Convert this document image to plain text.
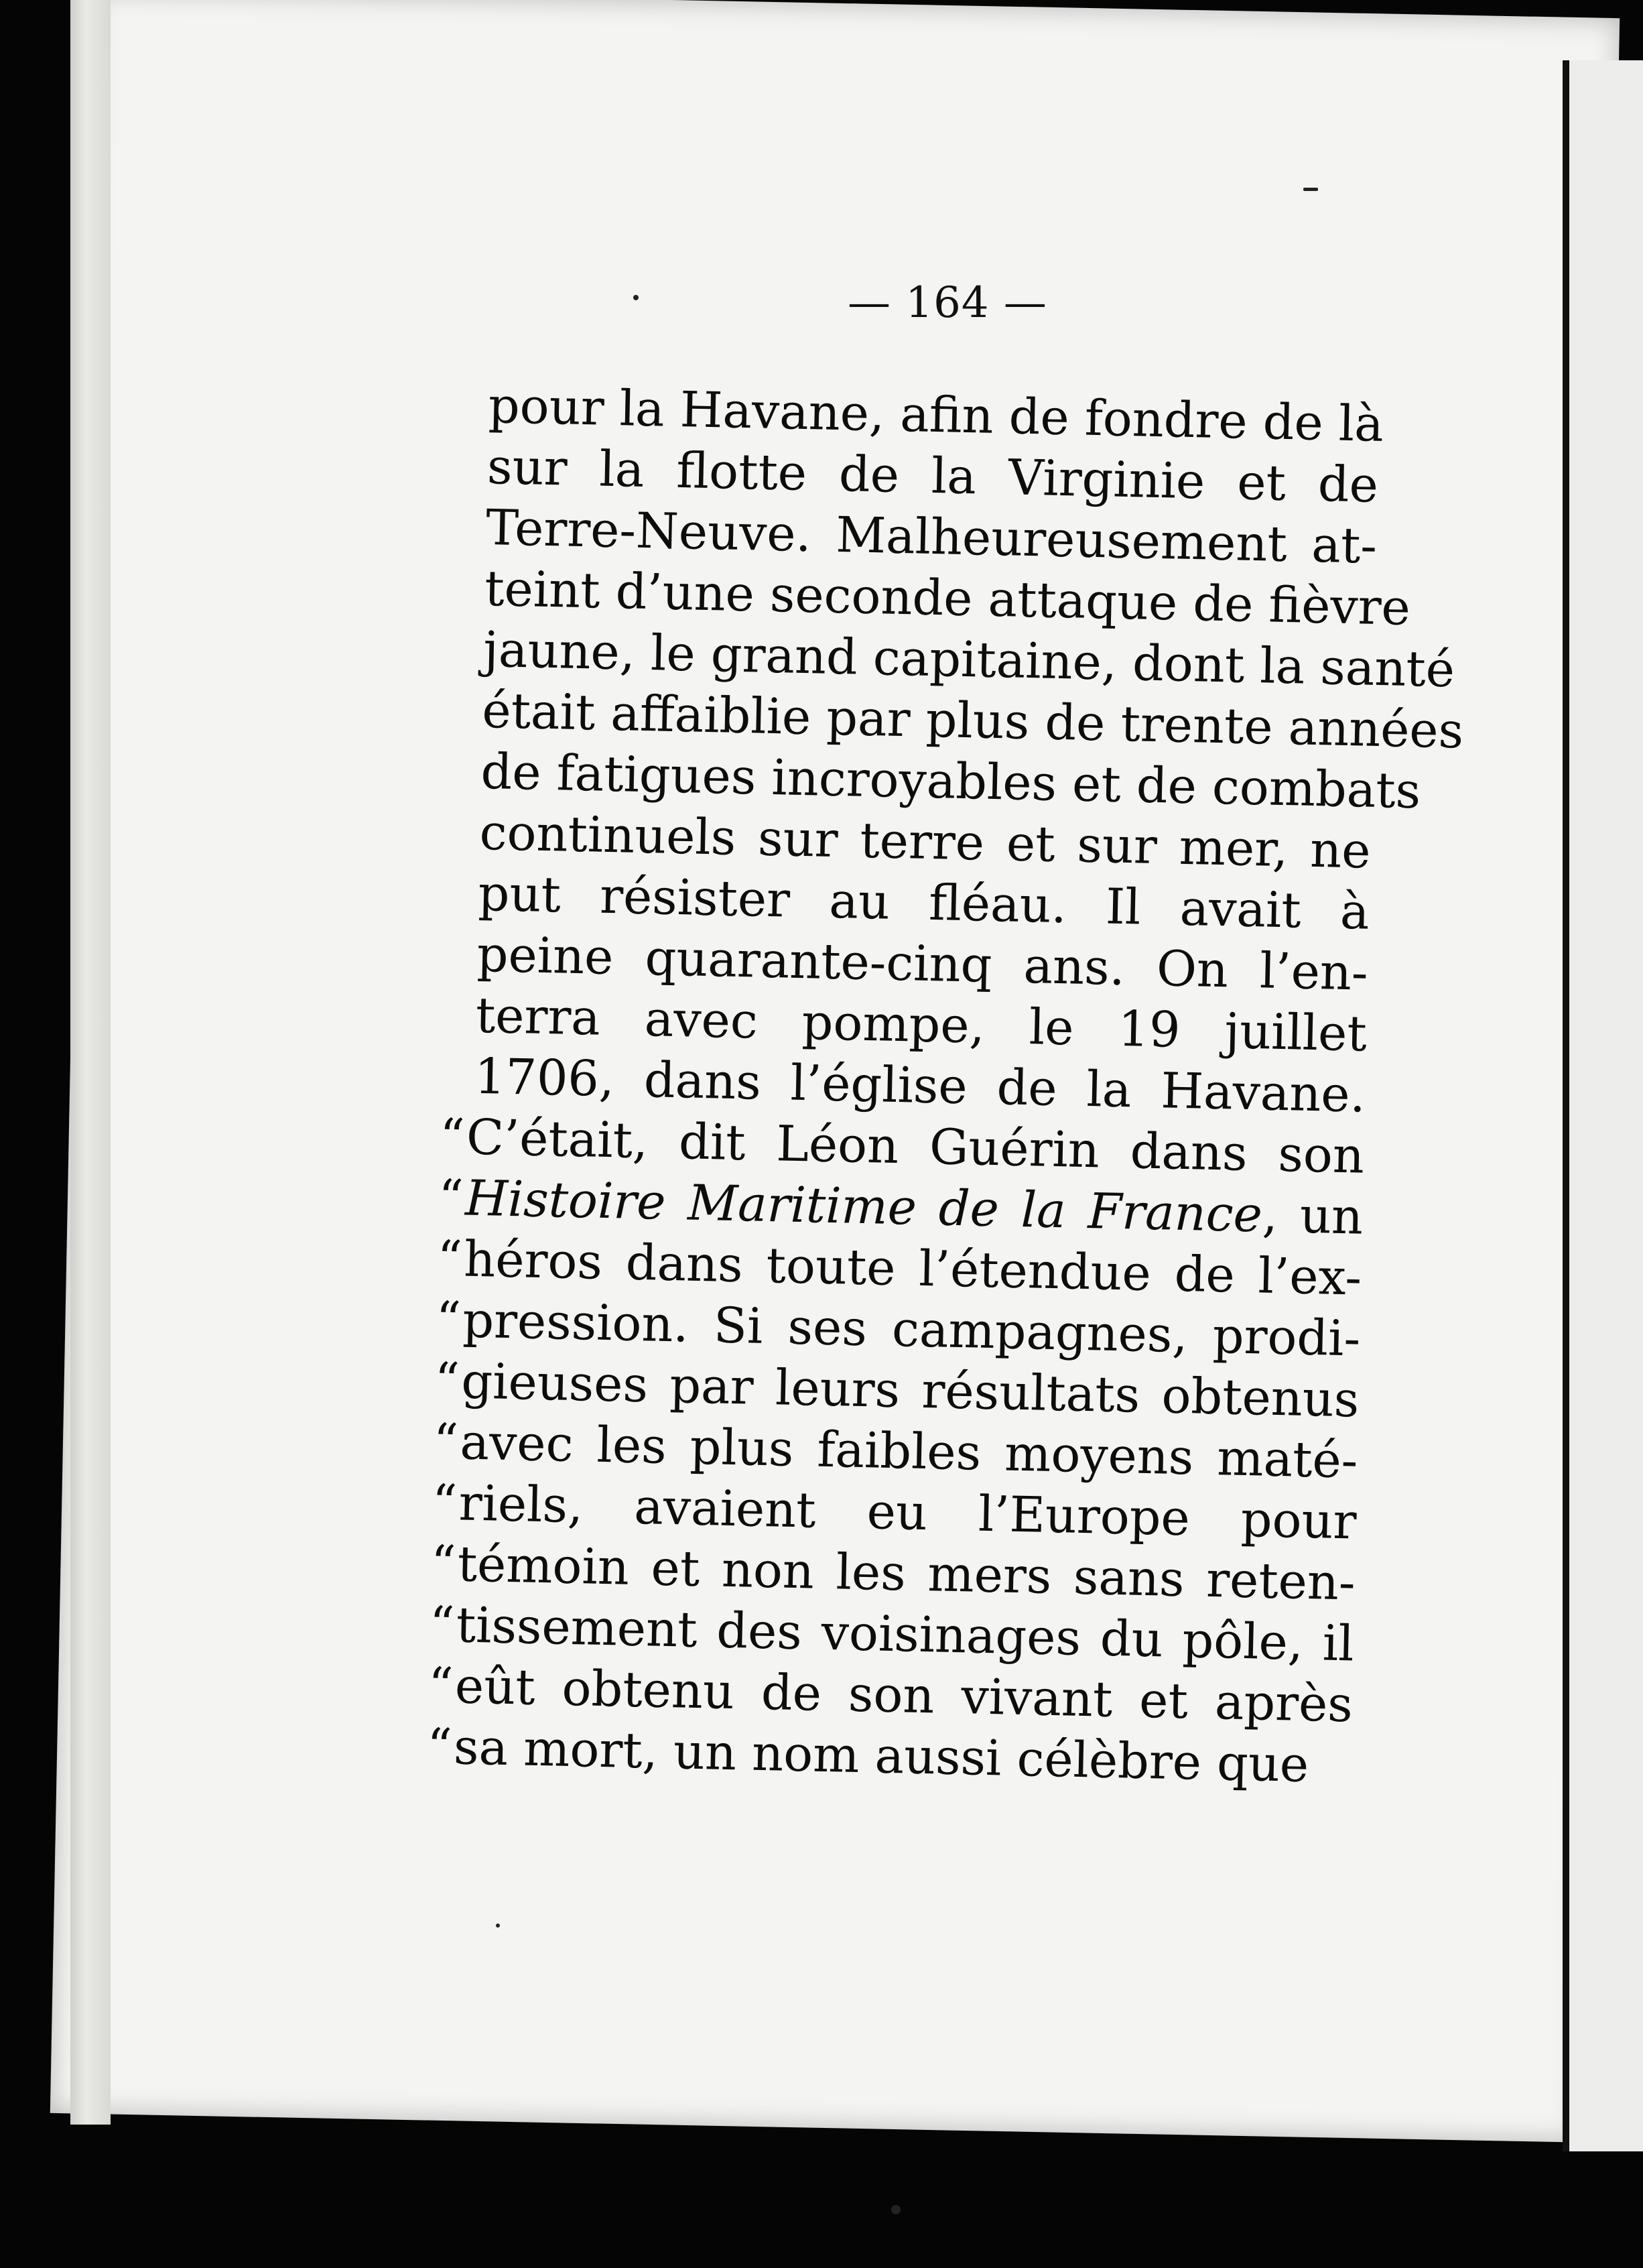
— 164 —
pour la Havane, afin de fondre de là
sur la flotte de la Virginie et de
Terre-Neuve. Malheureusement at-
teint d’une seconde attaque de fièvre
jaune, le grand capitaine, dont la santé
était affaiblie par plus de trente années
de fatigues incroyables et de combats
continuels sur terre et sur mer, ne
put résister au fléau. Il avait à
peine quarante-cinq ans. On l’en-
terra avec pompe, le 19 juillet
1706, dans l’église de la Havane.
“C’était, dit Léon Guérin dans son
“Histoire Maritime de la France, un
“héros dans toute l’étendue de l’ex-
“pression. Si ses campagnes, prodi-
“gieuses par leurs résultats obtenus
“avec les plus faibles moyens maté-
“riels, avaient eu l’Europe pour
“témoin et non les mers sans reten-
“tissement des voisinages du pôle, il
“eût obtenu de son vivant et après
“sa mort, un nom aussi célèbre que
